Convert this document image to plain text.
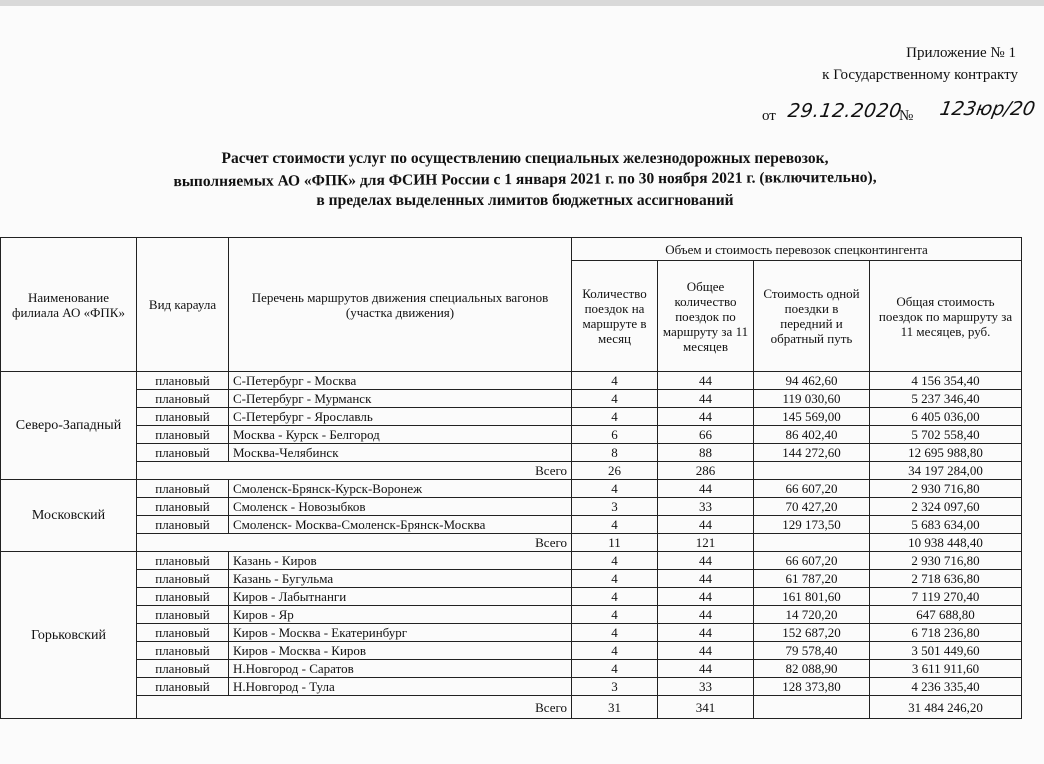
Приложение № 1
к Государственному контракту
от 29.12.2020
№ 123юр/20
Расчет стоимости услуг по осуществлению специальных железнодорожных перевозок,
выполняемых АО «ФПК» для ФСИН России с 1 января 2021 г. по 30 ноября 2021 г. (включительно),
в пределах выделенных лимитов бюджетных ассигнований
Наименование филиала АО «ФПК»	Вид караула	Перечень маршрутов движения специальных вагонов (участка движения)	Объем и стоимость перевозок спецконтингента			
			Количество поездок на маршруте в месяц	Общее количество поездок по маршруту за 11 месяцев	Стоимость одной поездки в передний и обратный путь	Общая стоимость поездок по маршруту за 11 месяцев, руб.
Северо-Западный	плановый	С-Петербург - Москва	4	44	94 462,60	4 156 354,40
	плановый	С-Петербург - Мурманск	4	44	119 030,60	5 237 346,40
	плановый	С-Петербург - Ярославль	4	44	145 569,00	6 405 036,00
	плановый	Москва - Курск - Белгород	6	66	86 402,40	5 702 558,40
	плановый	Москва-Челябинск	8	88	144 272,60	12 695 988,80
	Всего		26	286		34 197 284,00
Московский	плановый	Смоленск-Брянск-Курск-Воронеж	4	44	66 607,20	2 930 716,80
	плановый	Смоленск - Новозыбков	3	33	70 427,20	2 324 097,60
	плановый	Смоленск- Москва-Смоленск-Брянск-Москва	4	44	129 173,50	5 683 634,00
	Всего		11	121		10 938 448,40
Горьковский	плановый	Казань - Киров	4	44	66 607,20	2 930 716,80
	плановый	Казань - Бугульма	4	44	61 787,20	2 718 636,80
	плановый	Киров - Лабытнанги	4	44	161 801,60	7 119 270,40
	плановый	Киров - Яр	4	44	14 720,20	647 688,80
	плановый	Киров - Москва - Екатеринбург	4	44	152 687,20	6 718 236,80
	плановый	Киров - Москва - Киров	4	44	79 578,40	3 501 449,60
	плановый	Н.Новгород - Саратов	4	44	82 088,90	3 611 911,60
	плановый	Н.Новгород - Тула	3	33	128 373,80	4 236 335,40
	Всего		31	341		31 484 246,20
